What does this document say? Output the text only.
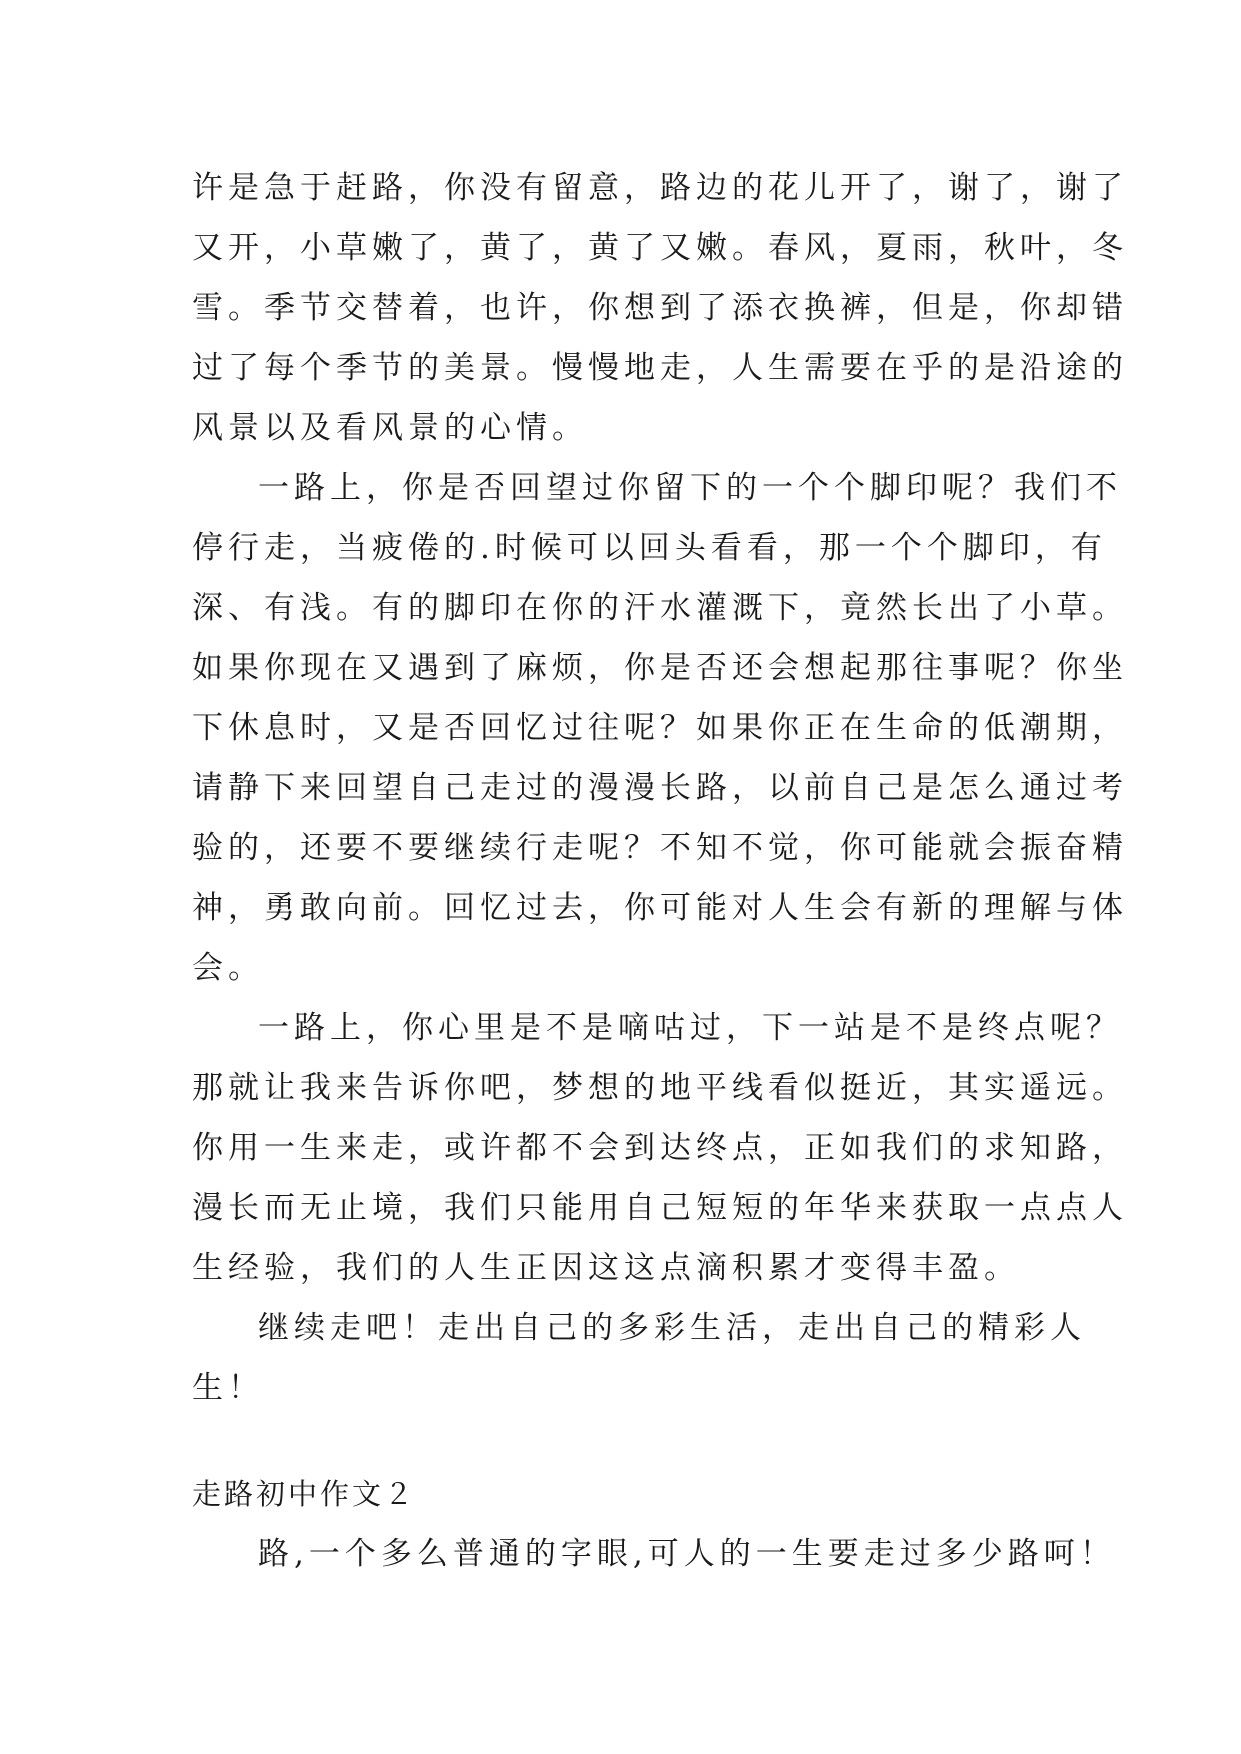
许是急于赶路，你没有留意，路边的花儿开了，谢了，谢了
又开，小草嫩了，黄了，黄了又嫩。春风，夏雨，秋叶，冬
雪。季节交替着，也许，你想到了添衣换裤，但是，你却错
过了每个季节的美景。慢慢地走，人生需要在乎的是沿途的
风景以及看风景的心情。
一路上，你是否回望过你留下的一个个脚印呢？我们不
停行走，当疲倦的.时候可以回头看看，那一个个脚印，有
深、有浅。有的脚印在你的汗水灌溉下，竟然长出了小草。
如果你现在又遇到了麻烦，你是否还会想起那往事呢？你坐
下休息时，又是否回忆过往呢？如果你正在生命的低潮期，
请静下来回望自己走过的漫漫长路，以前自己是怎么通过考
验的，还要不要继续行走呢？不知不觉，你可能就会振奋精
神，勇敢向前。回忆过去，你可能对人生会有新的理解与体
会。
一路上，你心里是不是嘀咕过，下一站是不是终点呢？
那就让我来告诉你吧，梦想的地平线看似挺近，其实遥远。
你用一生来走，或许都不会到达终点，正如我们的求知路，
漫长而无止境，我们只能用自己短短的年华来获取一点点人
生经验，我们的人生正因这这点滴积累才变得丰盈。
继续走吧！走出自己的多彩生活，走出自己的精彩人
生！
走路初中作文２
路,一个多么普通的字眼,可人的一生要走过多少路呵！
